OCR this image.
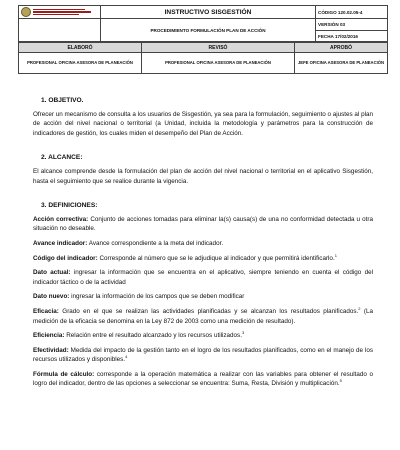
	INSTRUCTIVO SISGESTIÓN	CÓDIGO 120.02.05-4
	PROCEDIMIENTO FORMULACIÓN PLAN DE ACCIÓN	VERSIÓN 03
		FECHA 17/02/2016
ELABORÓ	REVISÓ	APROBÓ
PROFESIONAL OFICINA ASESORA DE PLANEACIÓN	PROFESIONAL OFICINA ASESORA DE PLANEACIÓN	JEFE OFICINA ASESORA DE PLANEACIÓN
1. OBJETIVO.
Ofrecer un mecanismo de consulta a los usuarios de Sisgestión, ya sea para la formulación, seguimiento o ajustes al plan de acción del nivel nacional o territorial (a Unidad, incluida la metodología y parámetros para la construcción de indicadores de gestión, los cuales miden el desempeño del Plan de Acción.
2. ALCANCE:
El alcance comprende desde la formulación del plan de acción del nivel nacional o territorial en el aplicativo Sisgestión, hasta el seguimiento que se realice durante la vigencia.
3. DEFINICIONES:
Acción correctiva: Conjunto de acciones tomadas para eliminar la(s) causa(s) de una no conformidad detectada u otra situación no deseable.
Avance indicador: Avance correspondiente a la meta del indicador.
Código del indicador: Corresponde al número que se le adjudique al indicador y que permitirá identificarlo.$^1$
Dato actual: ingresar la información que se encuentra en el aplicativo, siempre teniendo en cuenta el código del indicador táctico o de la actividad
Dato nuevo: ingresar la información de los campos que se deben modificar
Eficacia: Grado en el que se realizan las actividades planificadas y se alcanzan los resultados planificados.$^2$ (La medición de la eficacia se denomina en la Ley 872 de 2003 como una medición de resultado).
Eficiencia: Relación entre el resultado alcanzado y los recursos utilizados.$^3$
Efectividad: Medida del impacto de la gestión tanto en el logro de los resultados planificados, como en el manejo de los recursos utilizados y disponibles.$^4$
Fórmula de cálculo: corresponde a la operación matemática a realizar con las variables para obtener el resultado o logro del indicador, dentro de las opciones a seleccionar se encuentra: Suma, Resta, División y multiplicación.$^5$
